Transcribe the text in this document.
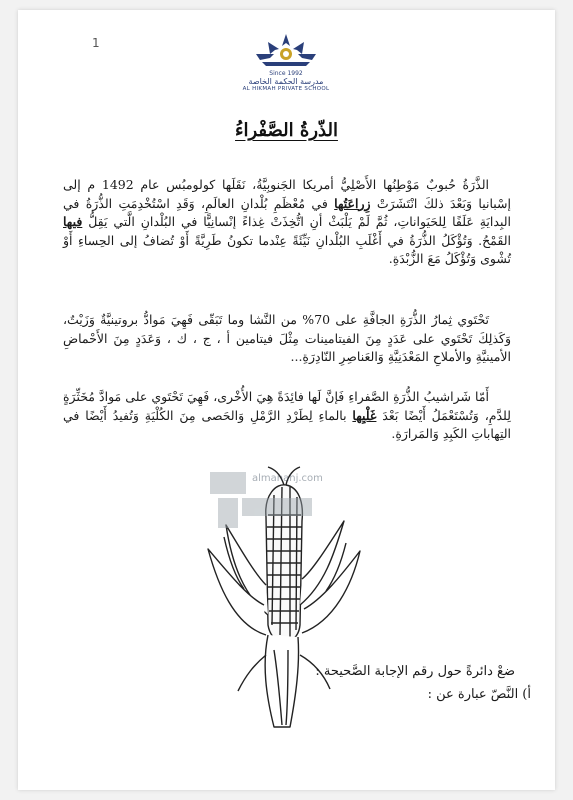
1
Since 1992
مدرسة الحكمة الخاصة
AL HIKMAH PRIVATE SCHOOL
الذّرةُ الصَّفْراءُ
الذَّرَةُ حُبوبٌ مَوْطِنُها الأَصْلِيُّ أمريكا الجَنوبِيَّةُ، نَقَلَها كولومبُس عام 1492 م إلى إسْبانيا وَبَعْدَ ذلكَ انْتَشَرَتْ زِراعَتُها في مُعْظَمِ بُلْدانِ العالَمِ، وَقَدِ اسْتُخْدِمَتِ الذُّرَةُ في البِدايَةِ عَلَفًا لِلحَيَواناتِ، ثُمَّ لَمْ يَلْبَثْ أنِ اتُّخِذَتْ غِذاءً إنْسانِيًّا في البُلْدانِ الَّتي يَقِلُّ فيها القَمْحُ. وَتُؤْكَلُ الذُّرَةُ في أَغْلَبِ البُلْدانِ نَيِّئَةً عِنْدما تكونُ طَرِيَّةً أَوْ تُضافُ إلى الحِساءِ أَوْ تُشْوى وَتُؤْكَلُ مَعَ الزُّبْدَةِ.
تَحْتَوي ثِمارُ الذُّرَةِ الجافَّةِ على 70% من النَّشا وما تَبَقّى فَهِيَ مَوادُّ بروتينيَّةٌ وَزَيْتٌ، وَكَذلِكَ تَحْتَوي على عَدَدٍ مِنَ الفيتامينات مِثْلَ فيتامين أ ، ج ، ك ، وَعَدَدٍ مِنَ الأَحْماضِ الأمينيَّةِ والأملاحِ المَعْدَنِيَّةِ وَالعَناصِرِ النّادِرَةِ...
أَمّا شَراشيبُ الذُّرَةِ الصَّفراءِ فَإنَّ لَها فائِدَةً هِيَ الأُخْرى، فَهِيَ تَحْتَوي على مَوادَّ مُخَثِّرَةٍ لِلدَّمِ، وَتُسْتَعْمَلُ أَيْضًا بَعْدَ غَلْيِها بالماءِ لِطَرْدِ الرَّمْلِ وَالحَصى مِنَ الكُلْيَةِ وَتُفيدُ أَيْضًا في التِهاباتِ الكَبِدِ وَالمَرارَةِ.
almanahj.com
ضعْ دائرةً حول رقم الإجابة الصَّحيحة :
أ) النَّصّ عبارة عن :
